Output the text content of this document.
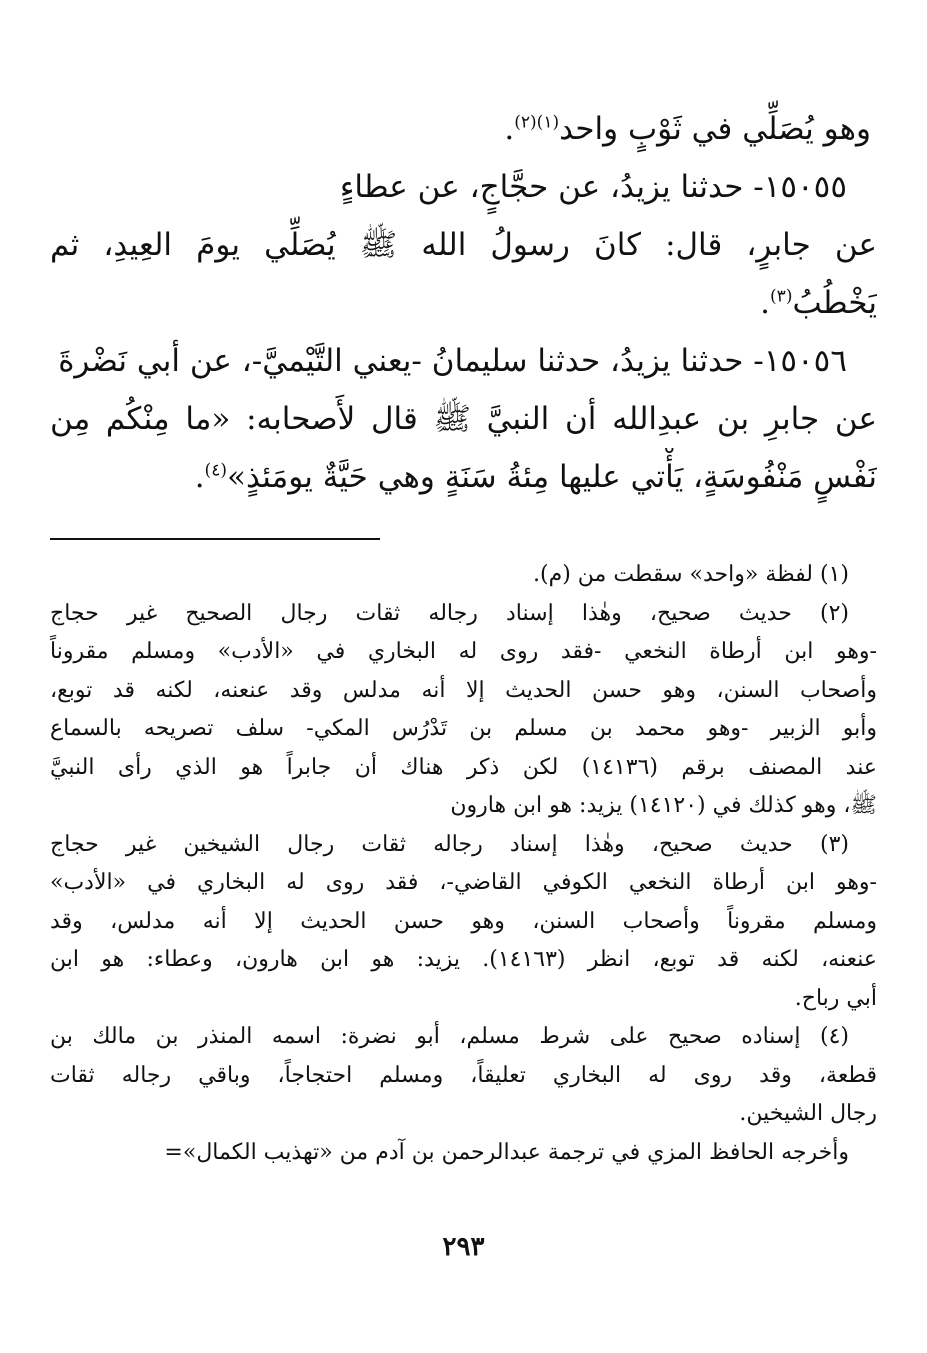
وهو يُصَلِّي في ثَوْبٍ واحد$^{(١)(٢)}$.

١٥٠٥٥- حدثنا يزيدُ، عن حجَّاجٍ، عن عطاءٍ

عن جابرٍ، قال: كانَ رسولُ الله ﷺ يُصَلِّي يومَ العِيدِ، ثم

يَخْطُبُ$^{(٣)}$.

١٥٠٥٦- حدثنا يزيدُ، حدثنا سليمانُ -يعني التَّيْميَّ-، عن أبي نَضْرةَ

عن جابرِ بن عبدِالله أن النبيَّ ﷺ قال لأَصحابه: «ما مِنْكُم مِن

نَفْسٍ مَنْفُوسَةٍ، يَأْتي عليها مِئةُ سَنَةٍ وهي حَيَّةٌ يومَئذٍ»$^{(٤)}$.

(١) لفظة «واحد» سقطت من (م).

(٢) حديث صحيح، وهٰذا إسناد رجاله ثقات رجال الصحيح غير حجاج

-وهو ابن أرطاة النخعي -فقد روى له البخاري في «الأدب» ومسلم مقروناً

وأصحاب السنن، وهو حسن الحديث إلا أنه مدلس وقد عنعنه، لكنه قد توبع،

وأبو الزبير -وهو محمد بن مسلم بن تَدْرُس المكي- سلف تصريحه بالسماع

عند المصنف برقم (١٤١٣٦) لكن ذكر هناك أن جابراً هو الذي رأى النبيَّ

ﷺ، وهو كذلك في (١٤١٢٠) يزيد: هو ابن هارون

(٣) حديث صحيح، وهٰذا إسناد رجاله ثقات رجال الشيخين غير حجاج

-وهو ابن أرطاة النخعي الكوفي القاضي-، فقد روى له البخاري في «الأدب»

ومسلم مقروناً وأصحاب السنن، وهو حسن الحديث إلا أنه مدلس، وقد

عنعنه، لكنه قد توبع، انظر (١٤١٦٣). يزيد: هو ابن هارون، وعطاء: هو ابن

أبي رباح.

(٤) إسناده صحيح على شرط مسلم، أبو نضرة: اسمه المنذر بن مالك بن

قطعة، وقد روى له البخاري تعليقاً، ومسلم احتجاجاً، وباقي رجاله ثقات

رجال الشيخين.

وأخرجه الحافظ المزي في ترجمة عبدالرحمن بن آدم من «تهذيب الكمال»=

٢٩٣
